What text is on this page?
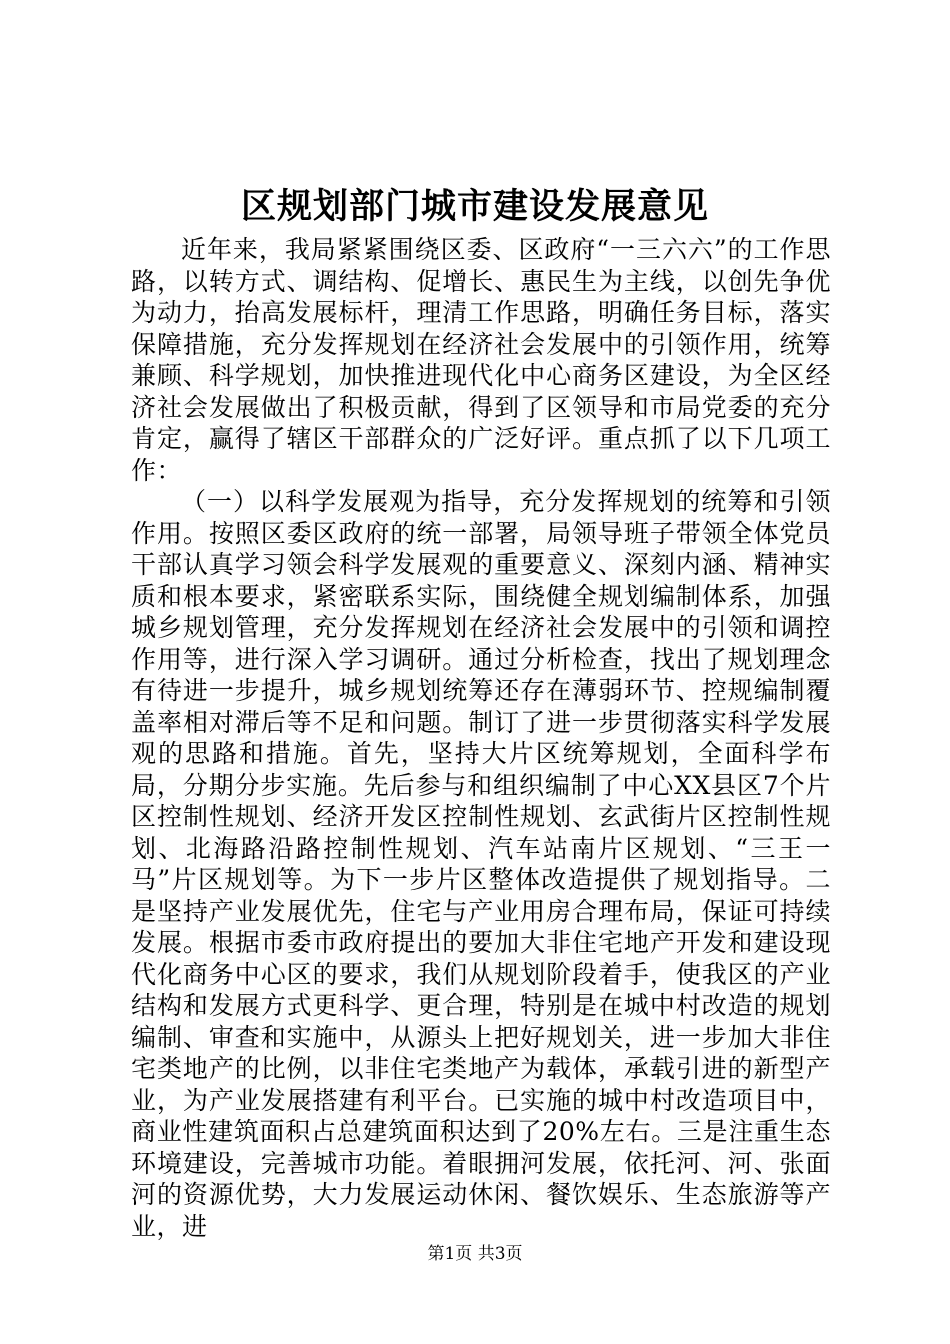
区规划部门城市建设发展意见

近年来，我局紧紧围绕区委、区政府“一三六六”的工作思路，以转方式、调结构、促增长、惠民生为主线，以创先争优为动力，抬高发展标杆，理清工作思路，明确任务目标，落实保障措施，充分发挥规划在经济社会发展中的引领作用，统筹兼顾、科学规划，加快推进现代化中心商务区建设，为全区经济社会发展做出了积极贡献，得到了区领导和市局党委的充分肯定，赢得了辖区干部群众的广泛好评。重点抓了以下几项工作：

（一）以科学发展观为指导，充分发挥规划的统筹和引领作用。按照区委区政府的统一部署，局领导班子带领全体党员干部认真学习领会科学发展观的重要意义、深刻内涵、精神实质和根本要求，紧密联系实际，围绕健全规划编制体系，加强城乡规划管理，充分发挥规划在经济社会发展中的引领和调控作用等，进行深入学习调研。通过分析检查，找出了规划理念有待进一步提升，城乡规划统筹还存在薄弱环节、控规编制覆盖率相对滞后等不足和问题。制订了进一步贯彻落实科学发展观的思路和措施。首先，坚持大片区统筹规划，全面科学布局，分期分步实施。先后参与和组织编制了中心XX县区7个片区控制性规划、经济开发区控制性规划、玄武街片区控制性规划、北海路沿路控制性规划、汽车站南片区规划、“三王一马”片区规划等。为下一步片区整体改造提供了规划指导。二是坚持产业发展优先，住宅与产业用房合理布局，保证可持续发展。根据市委市政府提出的要加大非住宅地产开发和建设现代化商务中心区的要求，我们从规划阶段着手，使我区的产业结构和发展方式更科学、更合理，特别是在城中村改造的规划编制、审查和实施中，从源头上把好规划关，进一步加大非住宅类地产的比例，以非住宅类地产为载体，承载引进的新型产业，为产业发展搭建有利平台。已实施的城中村改造项目中，商业性建筑面积占总建筑面积达到了20%左右。三是注重生态环境建设，完善城市功能。着眼拥河发展，依托河、河、张面河的资源优势，大力发展运动休闲、餐饮娱乐、生态旅游等产业，进

第1页 共3页
